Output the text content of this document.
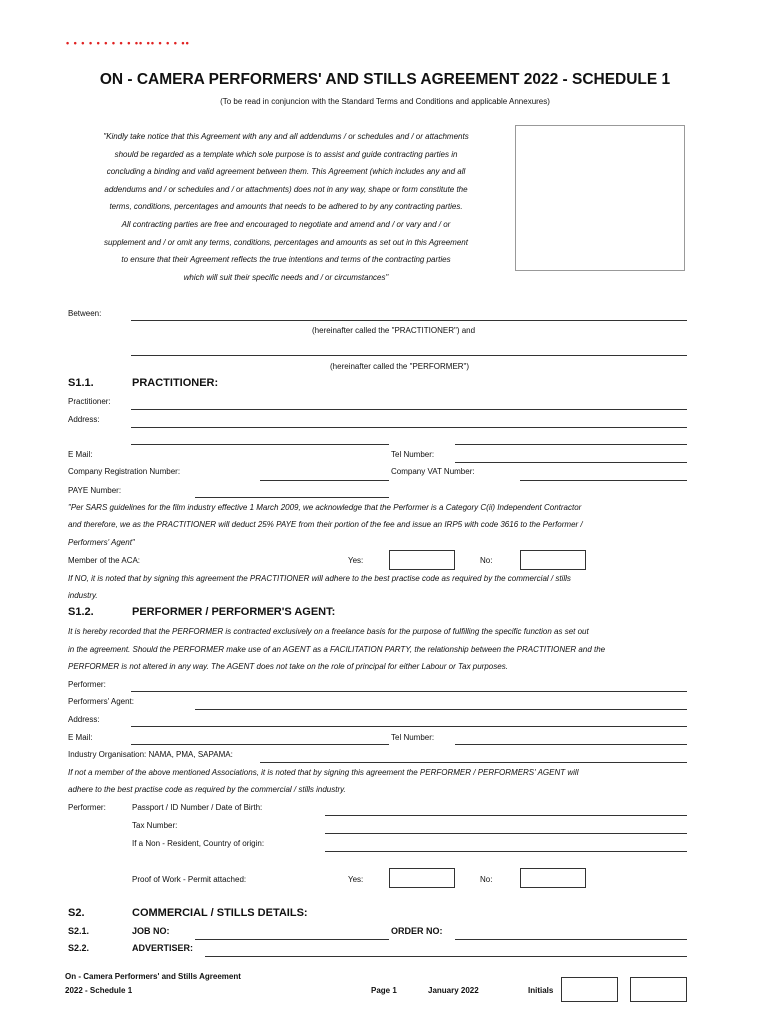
• • • • • • • • • •• •• • • • ••
ON - CAMERA PERFORMERS' AND STILLS AGREEMENT 2022 - SCHEDULE 1
(To be read in conjuncion with the Standard Terms and Conditions and applicable Annexures)
"Kindly take notice that this Agreement with any and all addendums / or schedules and / or attachments
should be regarded as a template which sole purpose is to assist and guide contracting parties in
concluding a binding and valid agreement between them. This Agreement (which includes any and all
addendums and / or schedules and / or attachments) does not in any way, shape or form constitute the
terms, conditions, percentages and amounts that needs to be adhered to by any contracting parties.
All contracting parties are free and encouraged to negotiate and amend and / or vary and / or
supplement and / or omit any terms, conditions, percentages and amounts as set out in this Agreement
to ensure that their Agreement reflects the true intentions and terms of the contracting parties
which will suit their specific needs and / or circumstances"
Between:
(hereinafter called the "PRACTITIONER") and
(hereinafter called the "PERFORMER")
S1.1.	PRACTITIONER:
Practitioner:
Address:
E Mail:	Tel Number:
Company Registration Number:	Company VAT Number:
PAYE Number:
"Per SARS guidelines for the film industry effective 1 March 2009, we acknowledge that the Performer is a Category C(ii) Independent Contractor
and therefore, we as the PRACTITIONER will deduct 25% PAYE from their portion of the fee and issue an IRP5 with code 3616 to the Performer /
Performers' Agent"
Member of the ACA:	Yes:	No:
If NO, it is noted that by signing this agreement the PRACTITIONER will adhere to the best practise code as required by the commercial / stills
industry.
S1.2.	PERFORMER / PERFORMER'S AGENT:
It is hereby recorded that the PERFORMER is contracted exclusively on a freelance basis for the purpose of fulfilling the specific function as set out
in the agreement. Should the PERFORMER make use of an AGENT as a FACILITATION PARTY, the relationship between the PRACTITIONER and the
PERFORMER is not altered in any way. The AGENT does not take on the role of principal for either Labour or Tax purposes.
Performer:
Performers' Agent:
Address:
E Mail:	Tel Number:
Industry Organisation: NAMA, PMA, SAPAMA:
If not a member of the above mentioned Associations, it is noted that by signing this agreement the PERFORMER / PERFORMERS' AGENT will
adhere to the best practise code as required by the commercial / stills industry.
Performer:	Passport / ID Number / Date of Birth:
Tax Number:
If a Non - Resident, Country of origin:
Proof of Work - Permit attached:	Yes:	No:
S2.	COMMERCIAL / STILLS DETAILS:
S2.1.	JOB NO:	ORDER NO:
S2.2.	ADVERTISER:
On - Camera Performers' and Stills Agreement
2022 - Schedule 1	Page 1	January 2022	Initials
